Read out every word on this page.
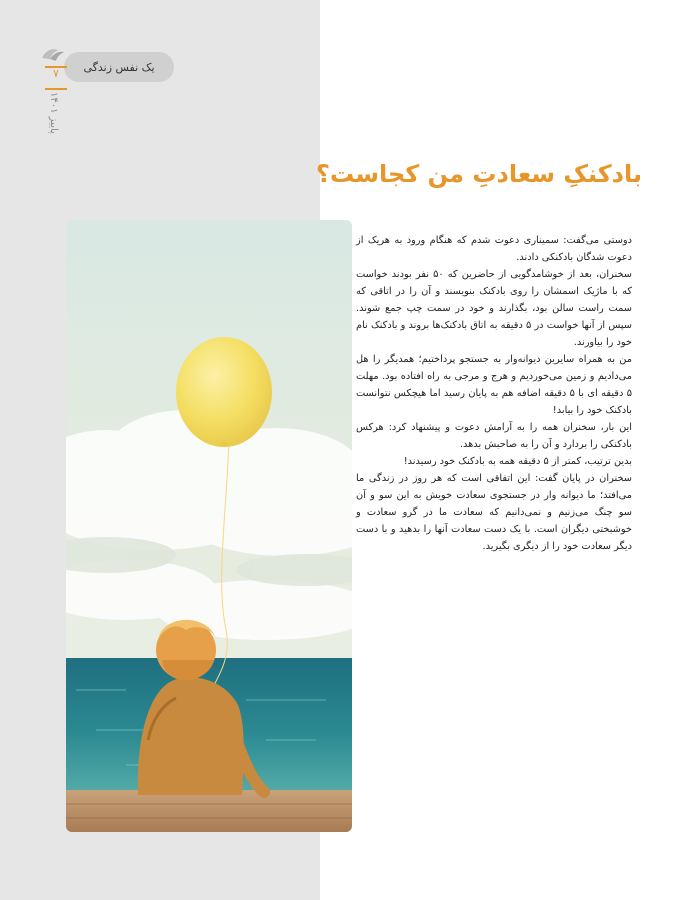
یک نفس زندگی
۷
پاییز ۱۴۰۱
بادکنکِ سعادتِ من کجاست؟

دوستی می‌گفت: سمیناری دعوت شدم که هنگام ورود به هریک از دعوت شدگان بادکنکی دادند.

سخنران، بعد از خوشامدگویی از حاضرین که ۵۰ نفر بودند خواست که با ماژیک اسمشان را روی بادکنک بنویسند و آن را در اتاقی که سمت راست سالن بود، بگذارند و خود در سمت چپ جمع شوند. سپس از آنها خواست در ۵ دقیقه به اتاق بادکنک‌ها بروند و بادکنک نام خود را بیاورند.

من به همراه سایرین دیوانه‌وار به جستجو پرداختیم؛ همدیگر را هل می‌دادیم و زمین می‌خوردیم و هرج و مرجی به راه افتاده بود. مهلت ۵ دقیقه ای با ۵ دقیقه اضافه هم به پایان رسید اما هیچکس نتوانست بادکنک خود را بیابد!

این بار، سخنران همه را به آرامش دعوت و پیشنهاد کرد: هرکس بادکنکی را بردارد و آن را به صاحبش بدهد.

بدین ترتیب، کمتر از ۵ دقیقه همه به بادکنک خود رسیدند!

سخنران در پایان گفت: این اتفاقی است که هر روز در زندگی ما می‌افتد؛ ما دیوانه وار در جستجوی سعادت خویش به این سو و آن سو چنگ می‌زنیم و نمی‌دانیم که سعادت ما در گرو سعادت و خوشبختی دیگران است. با یک دست سعادت آنها را بدهید و با دست دیگر سعادت خود را از دیگری بگیرید.
